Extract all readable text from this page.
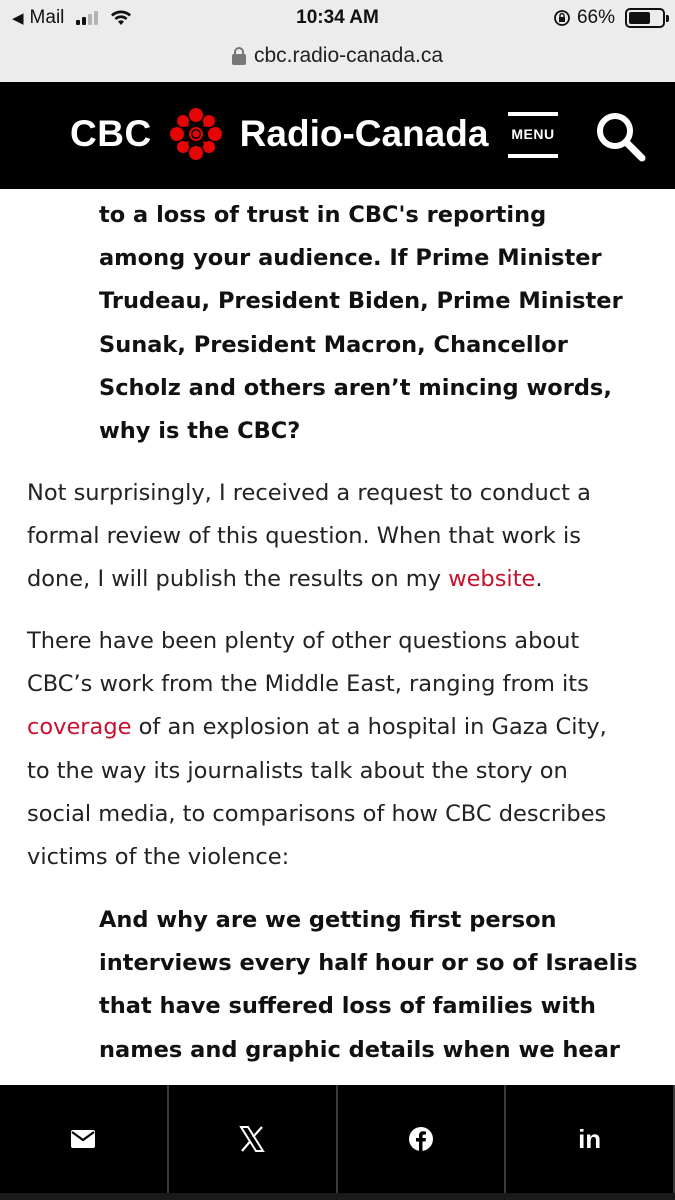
◀ Mail	10:34 AM	66%
cbc.radio-canada.ca
CBC Radio-Canada MENU
to a loss of trust in CBC's reporting
among your audience. If Prime Minister
Trudeau, President Biden, Prime Minister
Sunak, President Macron, Chancellor
Scholz and others aren’t mincing words,
why is the CBC?
Not surprisingly, I received a request to conduct a
formal review of this question. When that work is
done, I will publish the results on my website.
There have been plenty of other questions about
CBC’s work from the Middle East, ranging from its
coverage of an explosion at a hospital in Gaza City,
to the way its journalists talk about the story on
social media, to comparisons of how CBC describes
victims of the violence:
And why are we getting first person
interviews every half hour or so of Israelis
that have suffered loss of families with
names and graphic details when we hear
in
